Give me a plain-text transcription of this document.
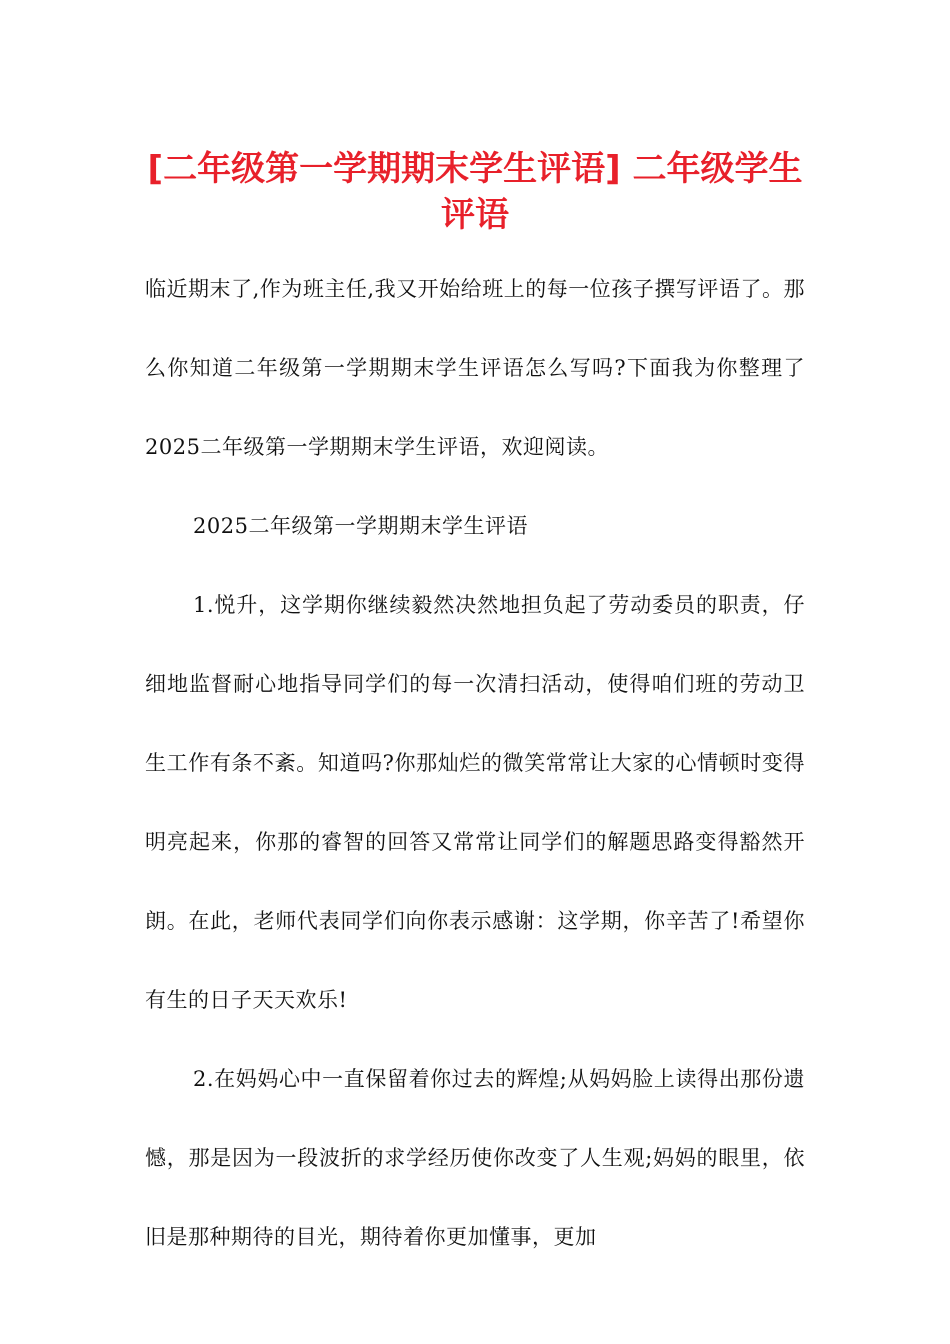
[二年级第一学期期末学生评语] 二年级学生评语

临近期末了,作为班主任,我又开始给班上的每一位孩子撰写评语了。那么你知道二年级第一学期期末学生评语怎么写吗?下面我为你整理了2025二年级第一学期期末学生评语，欢迎阅读。

2025二年级第一学期期末学生评语

1.悦升，这学期你继续毅然决然地担负起了劳动委员的职责，仔细地监督耐心地指导同学们的每一次清扫活动，使得咱们班的劳动卫生工作有条不紊。知道吗?你那灿烂的微笑常常让大家的心情顿时变得明亮起来，你那的睿智的回答又常常让同学们的解题思路变得豁然开朗。在此，老师代表同学们向你表示感谢：这学期，你辛苦了!希望你有生的日子天天欢乐!

2.在妈妈心中一直保留着你过去的辉煌;从妈妈脸上读得出那份遗憾，那是因为一段波折的求学经历使你改变了人生观;妈妈的眼里，依旧是那种期待的目光，期待着你更加懂事，更加
